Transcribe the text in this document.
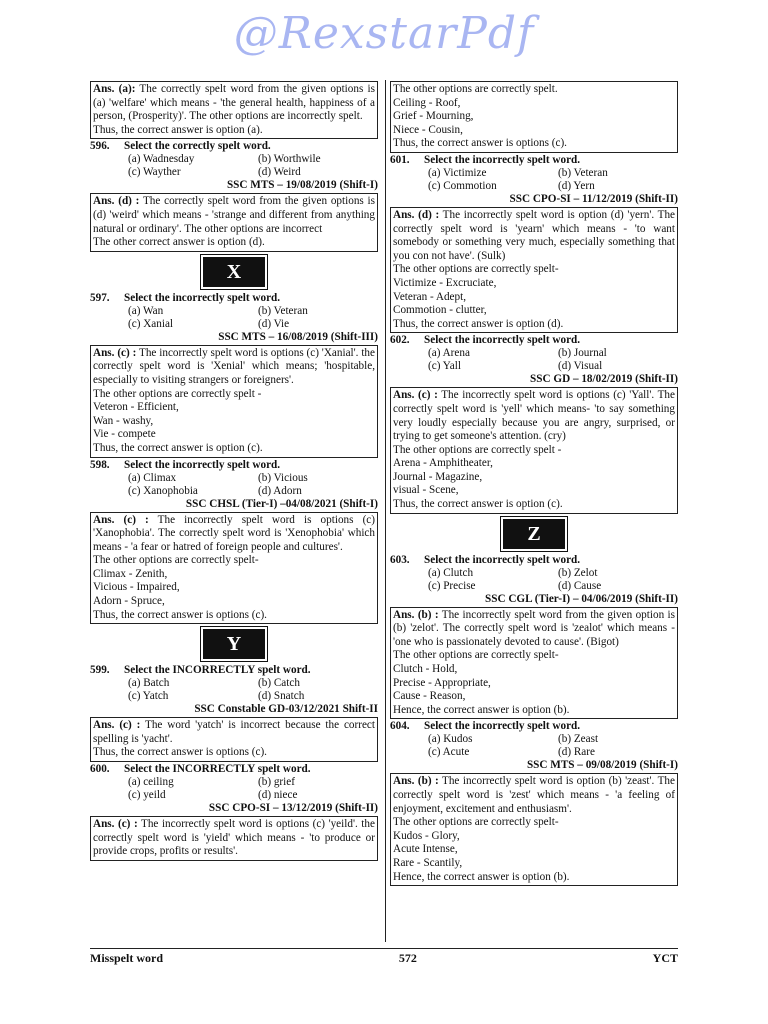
@RexstarPdf
Ans. (a): The correctly spelt word from the given options is (a) 'welfare' which means - 'the general health, happiness of a person, (Prosperity)'. The other options are incorrectly spelt.
Thus, the correct answer is option (a).
596.	Select the correctly spelt word.
(a) Wadnesday	(b) Worthwile
(c) Wayther	(d) Weird
SSC MTS – 19/08/2019 (Shift-I)
Ans. (d) : The correctly spelt word from the given options is (d) 'weird' which means - 'strange and different from anything natural or ordinary'. The other options are incorrect
The other correct answer is option (d).
X
597.	Select the incorrectly spelt word.
(a) Wan	(b) Veteran
(c) Xanial	(d) Vie
SSC MTS – 16/08/2019 (Shift-III)
Ans. (c) : The incorrectly spelt word is options (c) 'Xanial'. the correctly spelt word is 'Xenial' which means; 'hospitable, especially to visiting strangers or foreigners'.
The other options are correctly spelt -
Veteron - Efficient,
Wan - washy,
Vie - compete
Thus, the correct answer is option (c).
598.	Select the incorrectly spelt word.
(a) Climax	(b) Vicious
(c) Xanophobia	(d) Adorn
SSC CHSL (Tier-I) –04/08/2021 (Shift-I)
Ans. (c) : The incorrectly spelt word is options (c) 'Xanophobia'. The correctly spelt word is 'Xenophobia' which means - 'a fear or hatred of foreign people and cultures'.
The other options are correctly spelt-
Climax - Zenith,
Vicious - Impaired,
Adorn - Spruce,
Thus, the correct answer is options (c).
Y
599.	Select the INCORRECTLY spelt word.
(a) Batch	(b) Catch
(c) Yatch	(d) Snatch
SSC Constable GD-03/12/2021 Shift-II
Ans. (c) : The word 'yatch' is incorrect because the correct spelling is 'yacht'.
Thus, the correct answer is options (c).
600.	Select the INCORRECTLY spelt word.
(a) ceiling	(b) grief
(c) yeild	(d) niece
SSC CPO-SI – 13/12/2019 (Shift-II)
Ans. (c) : The incorrectly spelt word is options (c) 'yeild'. the correctly spelt word is 'yield' which means - 'to produce or provide crops, profits or results'.
The other options are correctly spelt.
Ceiling - Roof,
Grief - Mourning,
Niece - Cousin,
Thus, the correct answer is options (c).
601.	Select the incorrectly spelt word.
(a) Victimize	(b) Veteran
(c) Commotion	(d) Yern
SSC CPO-SI – 11/12/2019 (Shift-II)
Ans. (d) : The incorrectly spelt word is option (d) 'yern'. The correctly spelt word is 'yearn' which means - 'to want somebody or something very much, especially something that you con not have'. (Sulk)
The other options are correctly spelt-
Victimize - Excruciate,
Veteran - Adept,
Commotion - clutter,
Thus, the correct answer is option (d).
602.	Select the incorrectly spelt word.
(a) Arena	(b) Journal
(c) Yall	(d) Visual
SSC GD – 18/02/2019 (Shift-II)
Ans. (c) : The incorrectly spelt word is options (c) 'Yall'. The correctly spelt word is 'yell' which means- 'to say something very loudly especially because you are angry, surprised, or trying to get someone's attention. (cry)
The other options are correctly spelt -
Arena - Amphitheater,
Journal - Magazine,
visual - Scene,
Thus, the correct answer is option (c).
Z
603.	Select the incorrectly spelt word.
(a) Clutch	(b) Zelot
(c) Precise	(d) Cause
SSC CGL (Tier-I) – 04/06/2019 (Shift-II)
Ans. (b) : The incorrectly spelt word from the given option is (b) 'zelot'. The correctly spelt word is 'zealot' which means - 'one who is passionately devoted to cause'. (Bigot)
The other options are correctly spelt-
Clutch - Hold,
Precise - Appropriate,
Cause - Reason,
Hence, the correct answer is option (b).
604.	Select the incorrectly spelt word.
(a) Kudos	(b) Zeast
(c) Acute	(d) Rare
SSC MTS – 09/08/2019 (Shift-I)
Ans. (b) : The incorrectly spelt word is option (b) 'zeast'. The correctly spelt word is 'zest' which means - 'a feeling of enjoyment, excitement and enthusiasm'.
The other options are correctly spelt-
Kudos - Glory,
Acute Intense,
Rare - Scantily,
Hence, the correct answer is option (b).
Misspelt word	572	YCT
